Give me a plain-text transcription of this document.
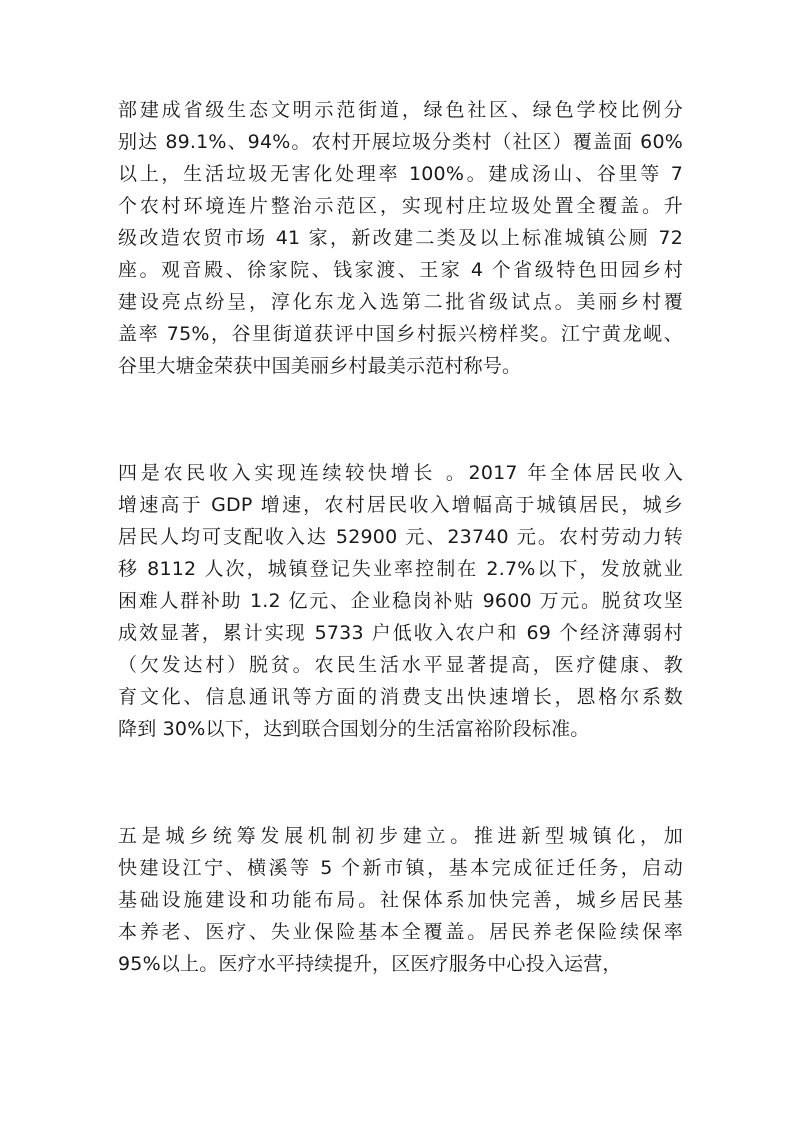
部建成省级生态文明示范街道，绿色社区、绿色学校比例分
别达 89.1%、94%。农村开展垃圾分类村（社区）覆盖面 60%
以上，生活垃圾无害化处理率 100%。建成汤山、谷里等 7
个农村环境连片整治示范区，实现村庄垃圾处置全覆盖。升
级改造农贸市场 41 家，新改建二类及以上标准城镇公厕 72
座。观音殿、徐家院、钱家渡、王家 4 个省级特色田园乡村
建设亮点纷呈，淳化东龙入选第二批省级试点。美丽乡村覆
盖率 75%，谷里街道获评中国乡村振兴榜样奖。江宁黄龙岘、
谷里大塘金荣获中国美丽乡村最美示范村称号。
四是农民收入实现连续较快增长 。2017 年全体居民收入
增速高于 GDP 增速，农村居民收入增幅高于城镇居民，城乡
居民人均可支配收入达 52900 元、23740 元。农村劳动力转
移 8112 人次，城镇登记失业率控制在 2.7%以下，发放就业
困难人群补助 1.2 亿元、企业稳岗补贴 9600 万元。脱贫攻坚
成效显著，累计实现 5733 户低收入农户和 69 个经济薄弱村
（欠发达村）脱贫。农民生活水平显著提高，医疗健康、教
育文化、信息通讯等方面的消费支出快速增长，恩格尔系数
降到 30%以下，达到联合国划分的生活富裕阶段标准。
五是城乡统筹发展机制初步建立。推进新型城镇化，加
快建设江宁、横溪等 5 个新市镇，基本完成征迁任务，启动
基础设施建设和功能布局。社保体系加快完善，城乡居民基
本养老、医疗、失业保险基本全覆盖。居民养老保险续保率
95%以上。医疗水平持续提升，区医疗服务中心投入运营，
